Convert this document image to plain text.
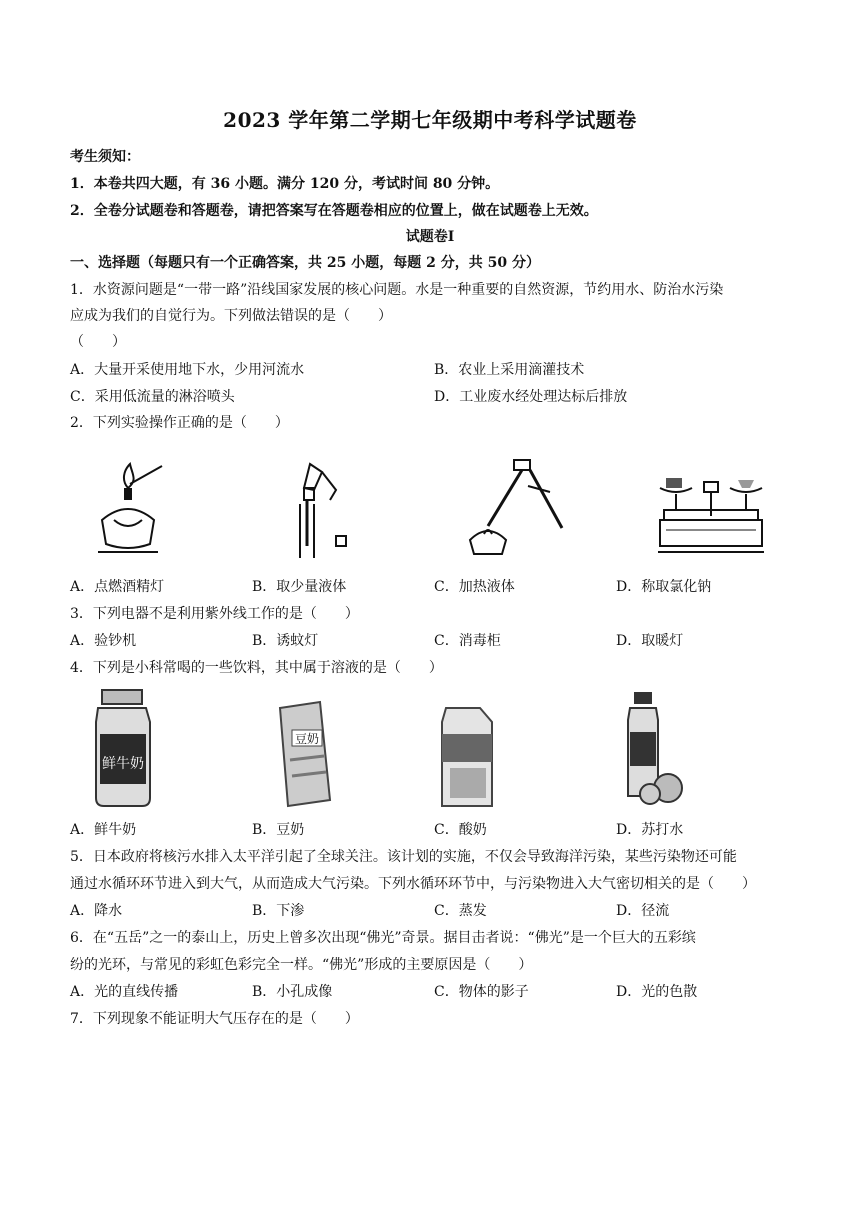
2023 学年第二学期七年级期中考科学试题卷
考生须知：
1．本卷共四大题，有 36 小题。满分 120 分，考试时间 80 分钟。
2．全卷分试题卷和答题卷，请把答案写在答题卷相应的位置上，做在试题卷上无效。
试题卷Ⅰ
一、选择题（每题只有一个正确答案，共 25 小题，每题 2 分，共 50 分）
1．水资源问题是“一带一路”沿线国家发展的核心问题。水是一种重要的自然资源，节约用水、防治水污染
应成为我们的自觉行为。下列做法错误的是（　　）
（　　）
A．大量开采使用地下水，少用河流水	B．农业上采用滴灌技术
C．采用低流量的淋浴喷头	D．工业废水经处理达标后排放
2．下列实验操作正确的是（　　）
A．点燃酒精灯	B．取少量液体	C．加热液体	D．称取氯化钠
3．下列电器不是利用紫外线工作的是（　　）
A．验钞机	B．诱蚊灯	C．消毒柜	D．取暖灯
4．下列是小科常喝的一些饮料，其中属于溶液的是（　　）
鲜牛奶
豆奶
A．鲜牛奶	B．豆奶	C．酸奶	D．苏打水
5．日本政府将核污水排入太平洋引起了全球关注。该计划的实施，不仅会导致海洋污染，某些污染物还可能
通过水循环环节进入到大气，从而造成大气污染。下列水循环环节中，与污染物进入大气密切相关的是（　　）
A．降水	B．下渗	C．蒸发	D．径流
6．在“五岳”之一的泰山上，历史上曾多次出现“佛光”奇景。据目击者说：“佛光”是一个巨大的五彩缤
纷的光环，与常见的彩虹色彩完全一样。“佛光”形成的主要原因是（　　）
A．光的直线传播	B．小孔成像	C．物体的影子	D．光的色散
7．下列现象不能证明大气压存在的是（　　）
